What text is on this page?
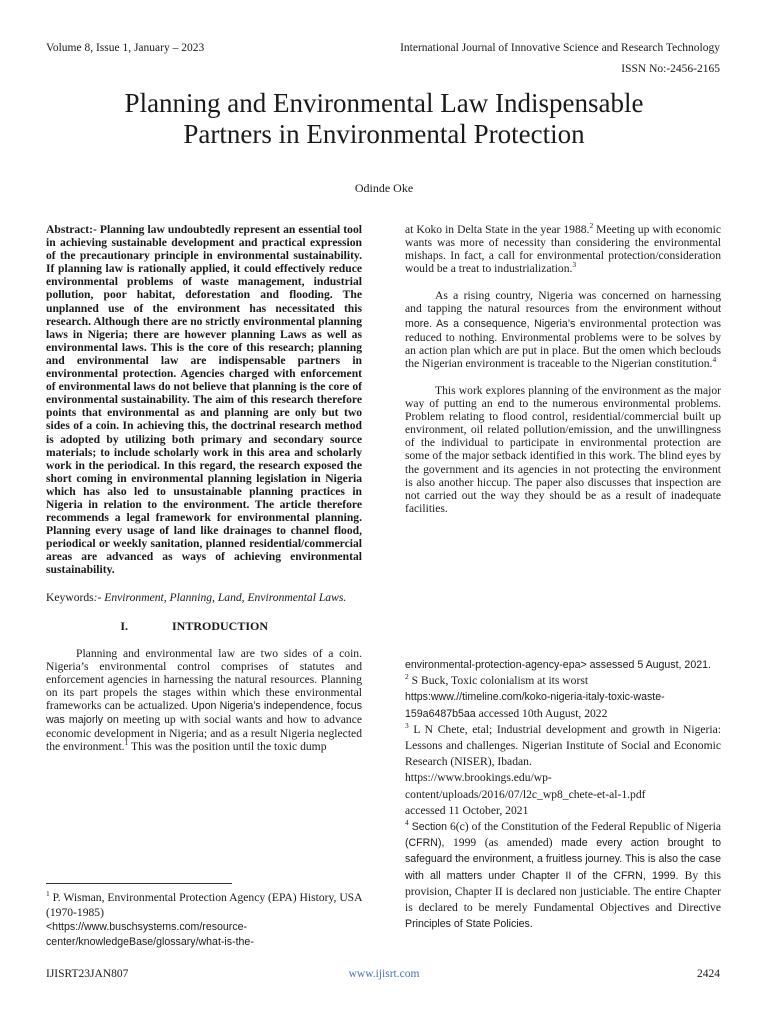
Volume 8, Issue 1, January – 2023	International Journal of Innovative Science and Research Technology
ISSN No:-2456-2165
Planning and Environmental Law Indispensable
Partners in Environmental Protection
Odinde Oke

Abstract:- Planning law undoubtedly represent an essential tool in achieving sustainable development and practical expression of the precautionary principle in environmental sustainability. If planning law is rationally applied, it could effectively reduce environmental problems of waste management, industrial pollution, poor habitat, deforestation and flooding. The unplanned use of the environment has necessitated this research. Although there are no strictly environmental planning laws in Nigeria; there are however planning Laws as well as environmental laws. This is the core of this research; planning and environmental law are indispensable partners in environmental protection. Agencies charged with enforcement of environmental laws do not believe that planning is the core of environmental sustainability. The aim of this research therefore points that environmental as and planning are only but two sides of a coin. In achieving this, the doctrinal research method is adopted by utilizing both primary and secondary source materials; to include scholarly work in this area and scholarly work in the periodical. In this regard, the research exposed the short coming in environmental planning legislation in Nigeria which has also led to unsustainable planning practices in Nigeria in relation to the environment. The article therefore recommends a legal framework for environmental planning. Planning every usage of land like drainages to channel flood, periodical or weekly sanitation, planned residential/commercial areas are advanced as ways of achieving environmental sustainability.

Keywords:- Environment, Planning, Land, Environmental Laws.

I.	INTRODUCTION

Planning and environmental law are two sides of a coin. Nigeria’s environmental control comprises of statutes and enforcement agencies in harnessing the natural resources. Planning on its part propels the stages within which these environmental frameworks can be actualized. Upon Nigeria’s independence, focus was majorly on meeting up with social wants and how to advance economic development in Nigeria; and as a result Nigeria neglected the environment.$^1$ This was the position until the toxic dump

at Koko in Delta State in the year 1988.$^2$ Meeting up with economic wants was more of necessity than considering the environmental mishaps. In fact, a call for environmental protection/consideration would be a treat to industrialization.$^3$

As a rising country, Nigeria was concerned on harnessing and tapping the natural resources from the environment without more. As a consequence, Nigeria’s environmental protection was reduced to nothing. Environmental problems were to be solves by an action plan which are put in place. But the omen which beclouds the Nigerian environment is traceable to the Nigerian constitution.$^4$

This work explores planning of the environment as the major way of putting an end to the numerous environmental problems. Problem relating to flood control, residential/commercial built up environment, oil related pollution/emission, and the unwillingness of the individual to participate in environmental protection are some of the major setback identified in this work. The blind eyes by the government and its agencies in not protecting the environment is also another hiccup. The paper also discusses that inspection are not carried out the way they should be as a result of inadequate facilities.

$^1$ P. Wisman, Environmental Protection Agency (EPA) History, USA (1970-1985)

<https://www.buschsystems.com/resource-

center/knowledgeBase/glossary/what-is-the-

environmental-protection-agency-epa> assessed 5 August, 2021.

$^2$ S Buck, Toxic colonialism at its worst

https:www.//timeline.com/koko-nigeria-italy-toxic-waste-159a6487b5aa accessed 10th August, 2022

$^3$ L N Chete, etal; Industrial development and growth in Nigeria: Lessons and challenges. Nigerian Institute of Social and Economic Research (NISER), Ibadan.

https://www.brookings.edu/wp-content/uploads/2016/07/l2c_wp8_chete-et-al-1.pdf

accessed 11 October, 2021

$^4$ Section 6(c) of the Constitution of the Federal Republic of Nigeria (CFRN), 1999 (as amended) made every action brought to safeguard the environment, a fruitless journey. This is also the case with all matters under Chapter II of the CFRN, 1999. By this provision, Chapter II is declared non justiciable. The entire Chapter is declared to be merely Fundamental Objectives and Directive Principles of State Policies.

IJISRT23JAN807	www.ijisrt.com	2424
